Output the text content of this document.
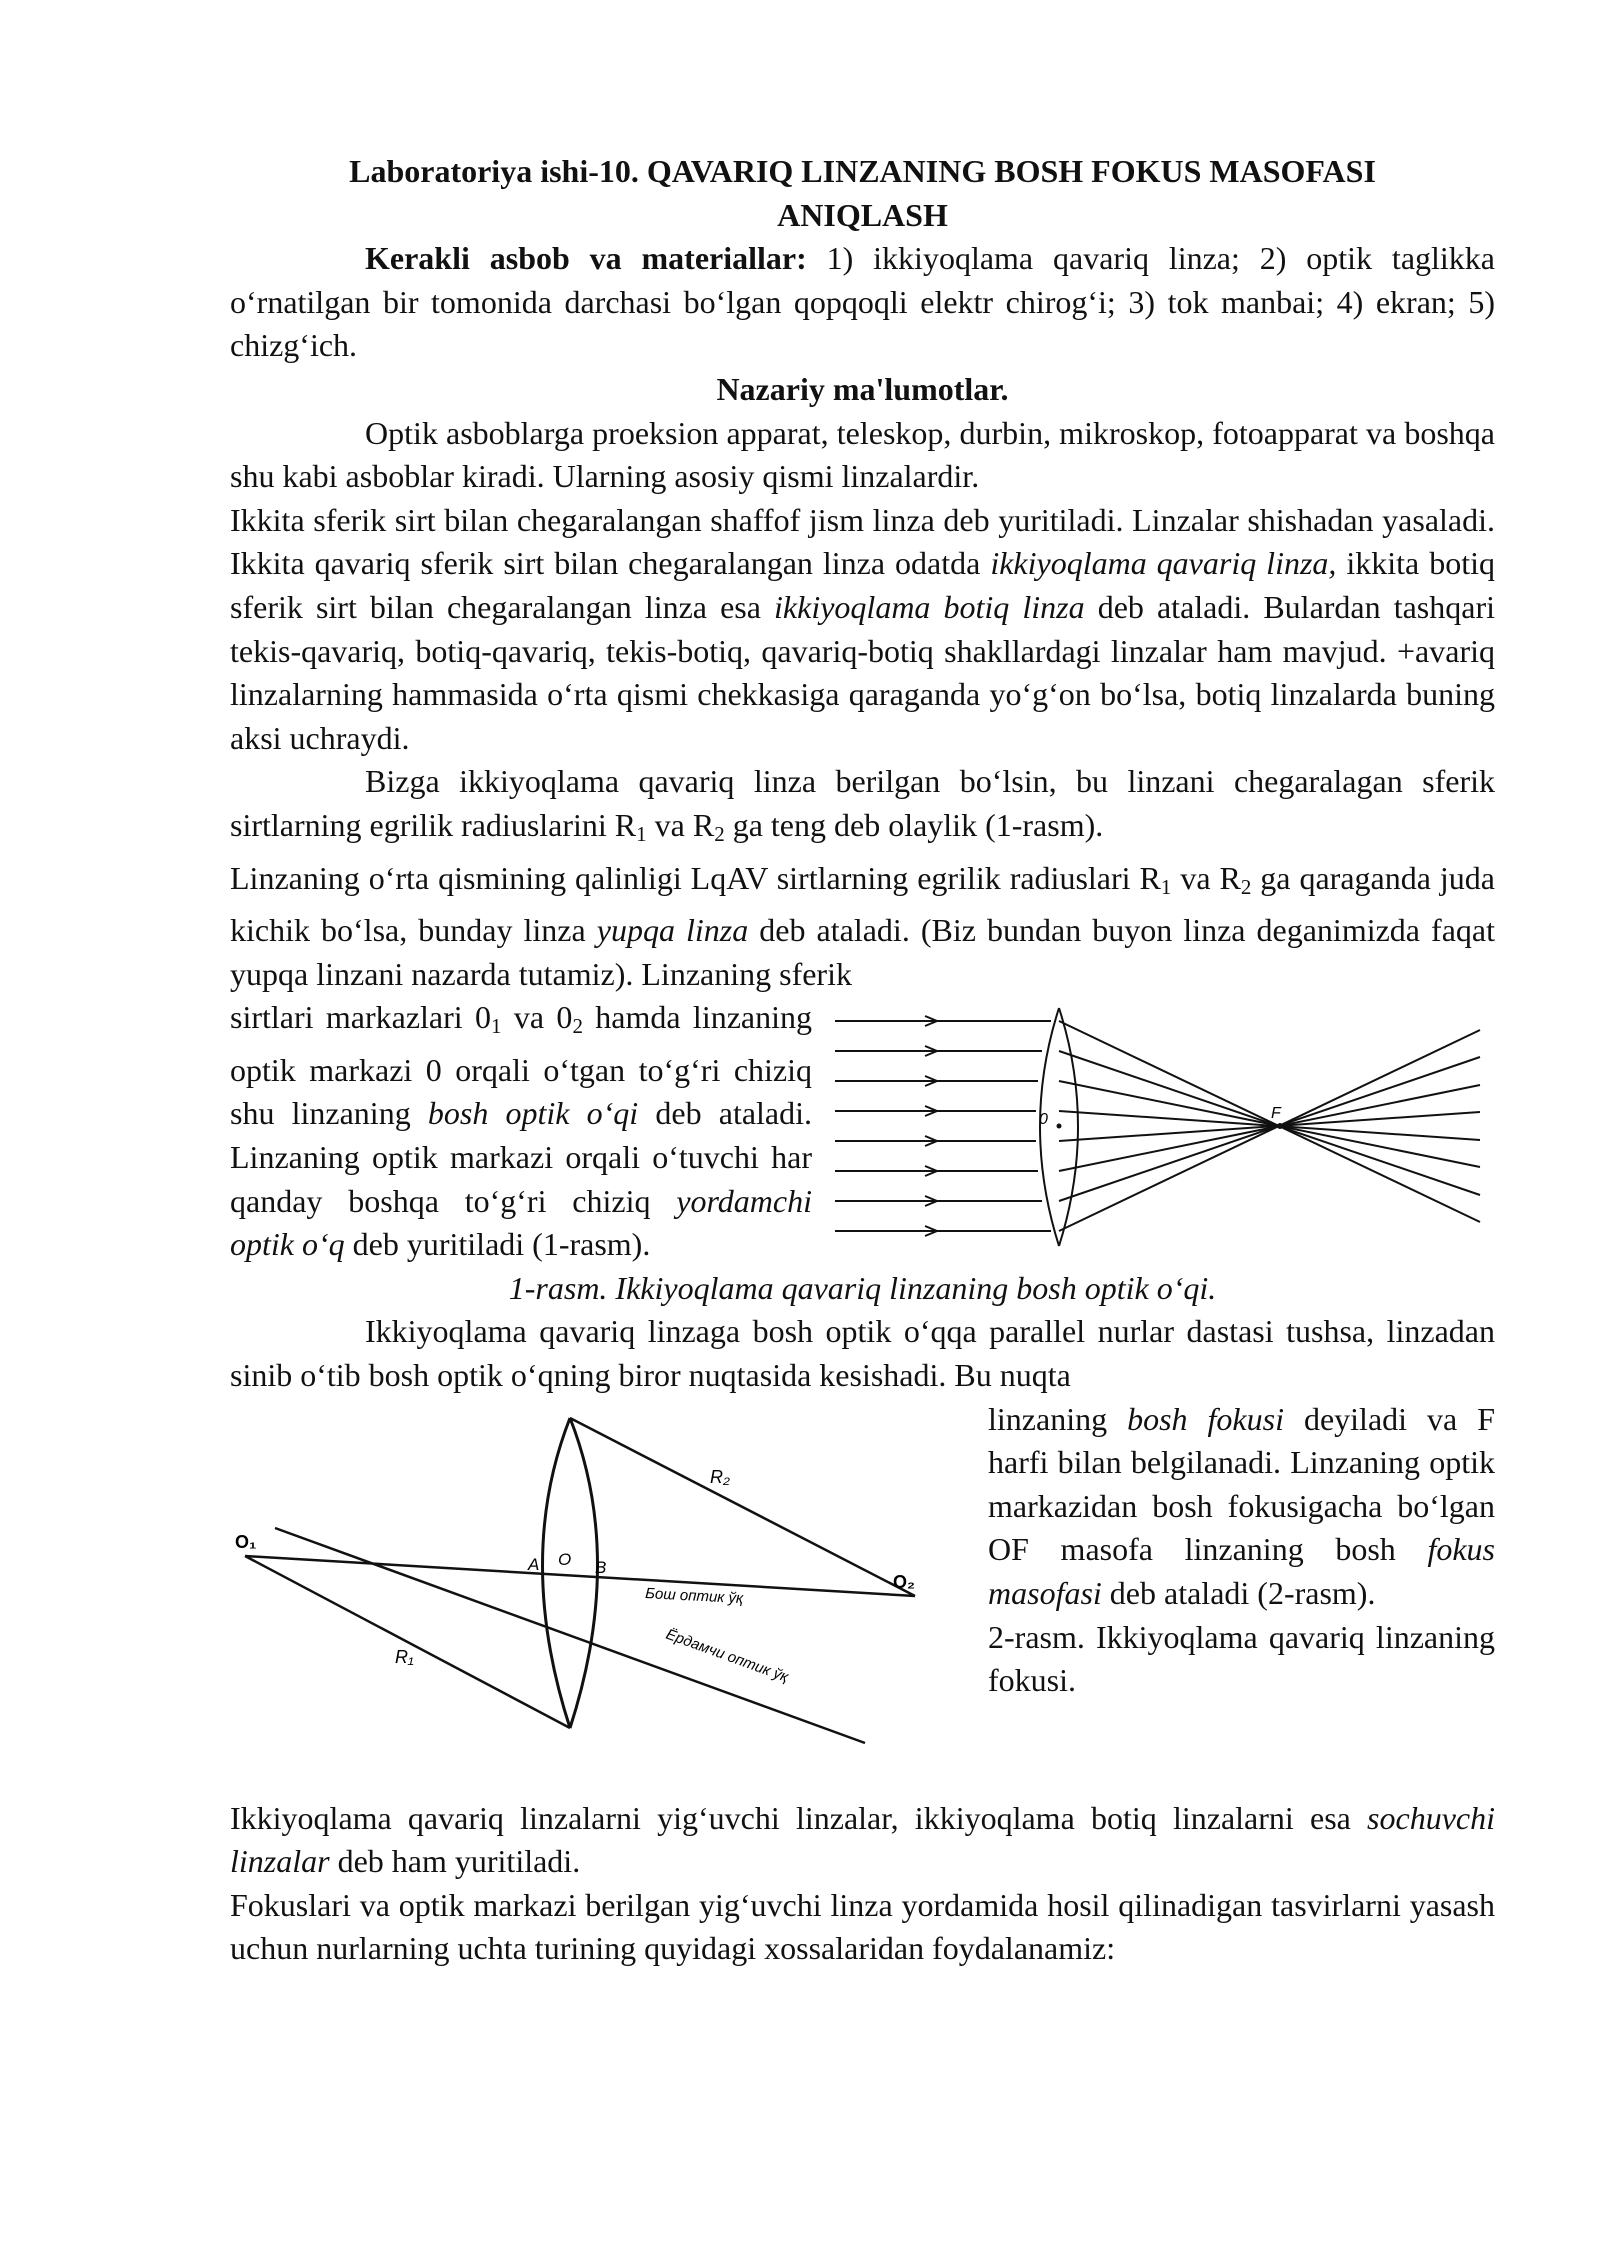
Laboratoriya ishi-10. QAVARIQ LINZANING BOSH FOKUS MASOFASI

ANIQLASH

Kerakli asbob va materiallar: 1) ikkiyoqlama qavariq linza; 2) optik taglikka o‘rnatilgan bir tomonida darchasi bo‘lgan qopqoqli elektr chirog‘i; 3) tok manbai; 4) ekran; 5) chizg‘ich.

Nazariy ma'lumotlar.

Optik asboblarga proeksion apparat, teleskop, durbin, mikroskop, fotoapparat va boshqa shu kabi asboblar kiradi. Ularning asosiy qismi linzalardir.

Ikkita sferik sirt bilan chegaralangan shaffof jism linza deb yuritiladi. Linzalar shishadan yasaladi. Ikkita qavariq sferik sirt bilan chegaralangan linza odatda ikkiyoqlama qavariq linza, ikkita botiq sferik sirt bilan chegaralangan linza esa ikkiyoqlama botiq linza deb ataladi. Bulardan tashqari tekis-qavariq, botiq-qavariq, tekis-botiq, qavariq-botiq shakllardagi linzalar ham mavjud. +avariq linzalarning hammasida o‘rta qismi chekkasiga qaraganda yo‘g‘on bo‘lsa, botiq linzalarda buning aksi uchraydi.

Bizga ikkiyoqlama qavariq linza berilgan bo‘lsin, bu linzani chegaralagan sferik sirtlarning egrilik radiuslarini $R_1$ va $R_2$ ga teng deb olaylik (1-rasm).

Linzaning o‘rta qismining qalinligi LqAV sirtlarning egrilik radiuslari $R_1$ va $R_2$ ga qaraganda juda kichik bo‘lsa, bunday linza yupqa linza deb ataladi. (Biz bundan buyon linza deganimizda faqat yupqa linzani nazarda tutamiz). Linzaning sferik

sirtlari markazlari $0_1$ va $0_2$ hamda linzaning optik markazi 0 orqali o‘tgan to‘g‘ri chiziq shu linzaning bosh optik o‘qi deb ataladi. Linzaning optik markazi orqali o‘tuvchi har qanday boshqa to‘g‘ri chiziq yordamchi optik o‘q deb yuritiladi (1-rasm).

0	F

1-rasm. Ikkiyoqlama qavariq linzaning bosh optik o‘qi.

Ikkiyoqlama qavariq linzaga bosh optik o‘qqa parallel nurlar dastasi tushsa, linzadan sinib o‘tib bosh optik o‘qning biror nuqtasida kesishadi. Bu nuqta

R₂
R₁
O₁
O₂
A O B
Бош оптик ўқ
Ёрдамчи оптик ўқ

linzaning bosh fokusi deyiladi va F harfi bilan belgilanadi. Linzaning optik markazidan bosh fokusigacha bo‘lgan OF masofa linzaning bosh fokus masofasi deb ataladi (2-rasm).

2-rasm. Ikkiyoqlama qavariq linzaning fokusi.

Ikkiyoqlama qavariq linzalarni yig‘uvchi linzalar, ikkiyoqlama botiq linzalarni esa sochuvchi linzalar deb ham yuritiladi.

Fokuslari va optik markazi berilgan yig‘uvchi linza yordamida hosil qilinadigan tasvirlarni yasash uchun nurlarning uchta turining quyidagi xossalaridan foydalanamiz:
